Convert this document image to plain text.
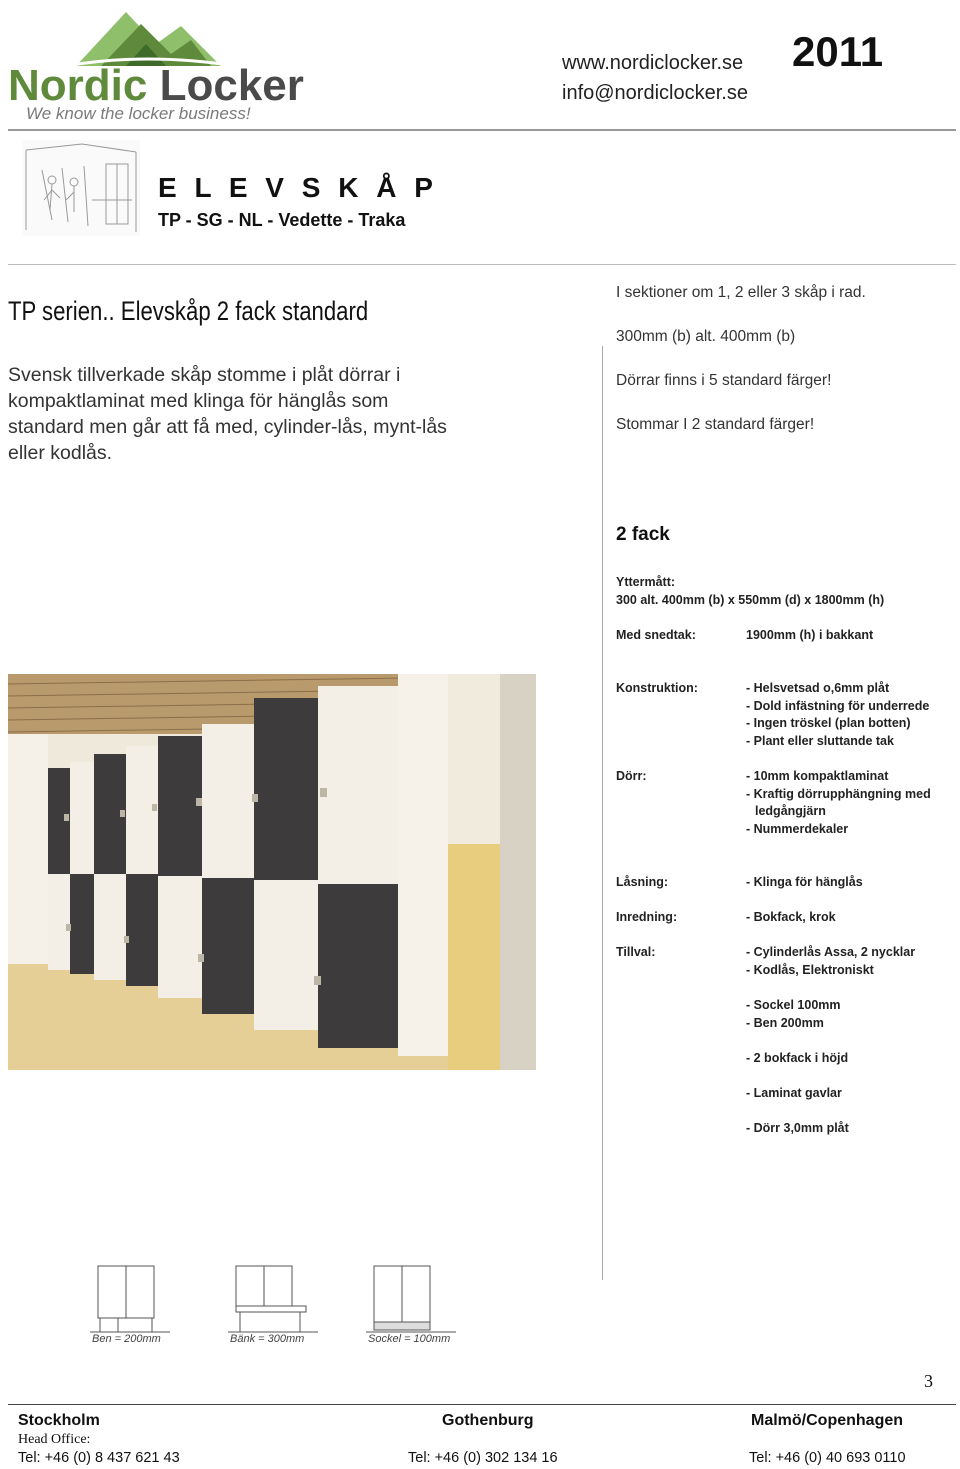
Nordic Locker
We know the locker business!
www.nordiclocker.se
info@nordiclocker.se
2011
E L E V S K Å P
TP - SG - NL - Vedette - Traka
TP serien.. Elevskåp 2 fack standard
Svensk tillverkade skåp stomme i plåt dörrar i kompaktlaminat med klinga för hänglås som standard men går att få med, cylinder-lås, mynt-lås eller kodlås.
I sektioner om 1, 2 eller 3 skåp i rad.
300mm (b) alt. 400mm (b)
Dörrar finns i 5 standard färger!
Stommar I 2 standard färger!
2 fack
Yttermått:
300 alt. 400mm (b) x 550mm (d) x 1800mm (h)
Med snedtak:	1900mm (h) i bakkant
Konstruktion:	- Helsvetsad o,6mm plåt
- Dold infästning för underrede
- Ingen tröskel (plan botten)
- Plant eller sluttande tak
Dörr:	- 10mm kompaktlaminat
- Kraftig dörrupphängning med
ledgångjärn
- Nummerdekaler
Låsning:	- Klinga för hänglås
Inredning:	- Bokfack, krok
Tillval:	- Cylinderlås Assa, 2 nycklar
- Kodlås, Elektroniskt
- Sockel 100mm
- Ben 200mm
- 2 bokfack i höjd
- Laminat gavlar
- Dörr 3,0mm plåt
Ben = 200mm	Bänk = 300mm	Sockel = 100mm
3
Stockholm
Head Office:
Tel: +46 (0) 8 437 621 43
Gothenburg
Tel: +46 (0) 302 134 16
Malmö/Copenhagen
Tel: +46 (0) 40 693 0110
